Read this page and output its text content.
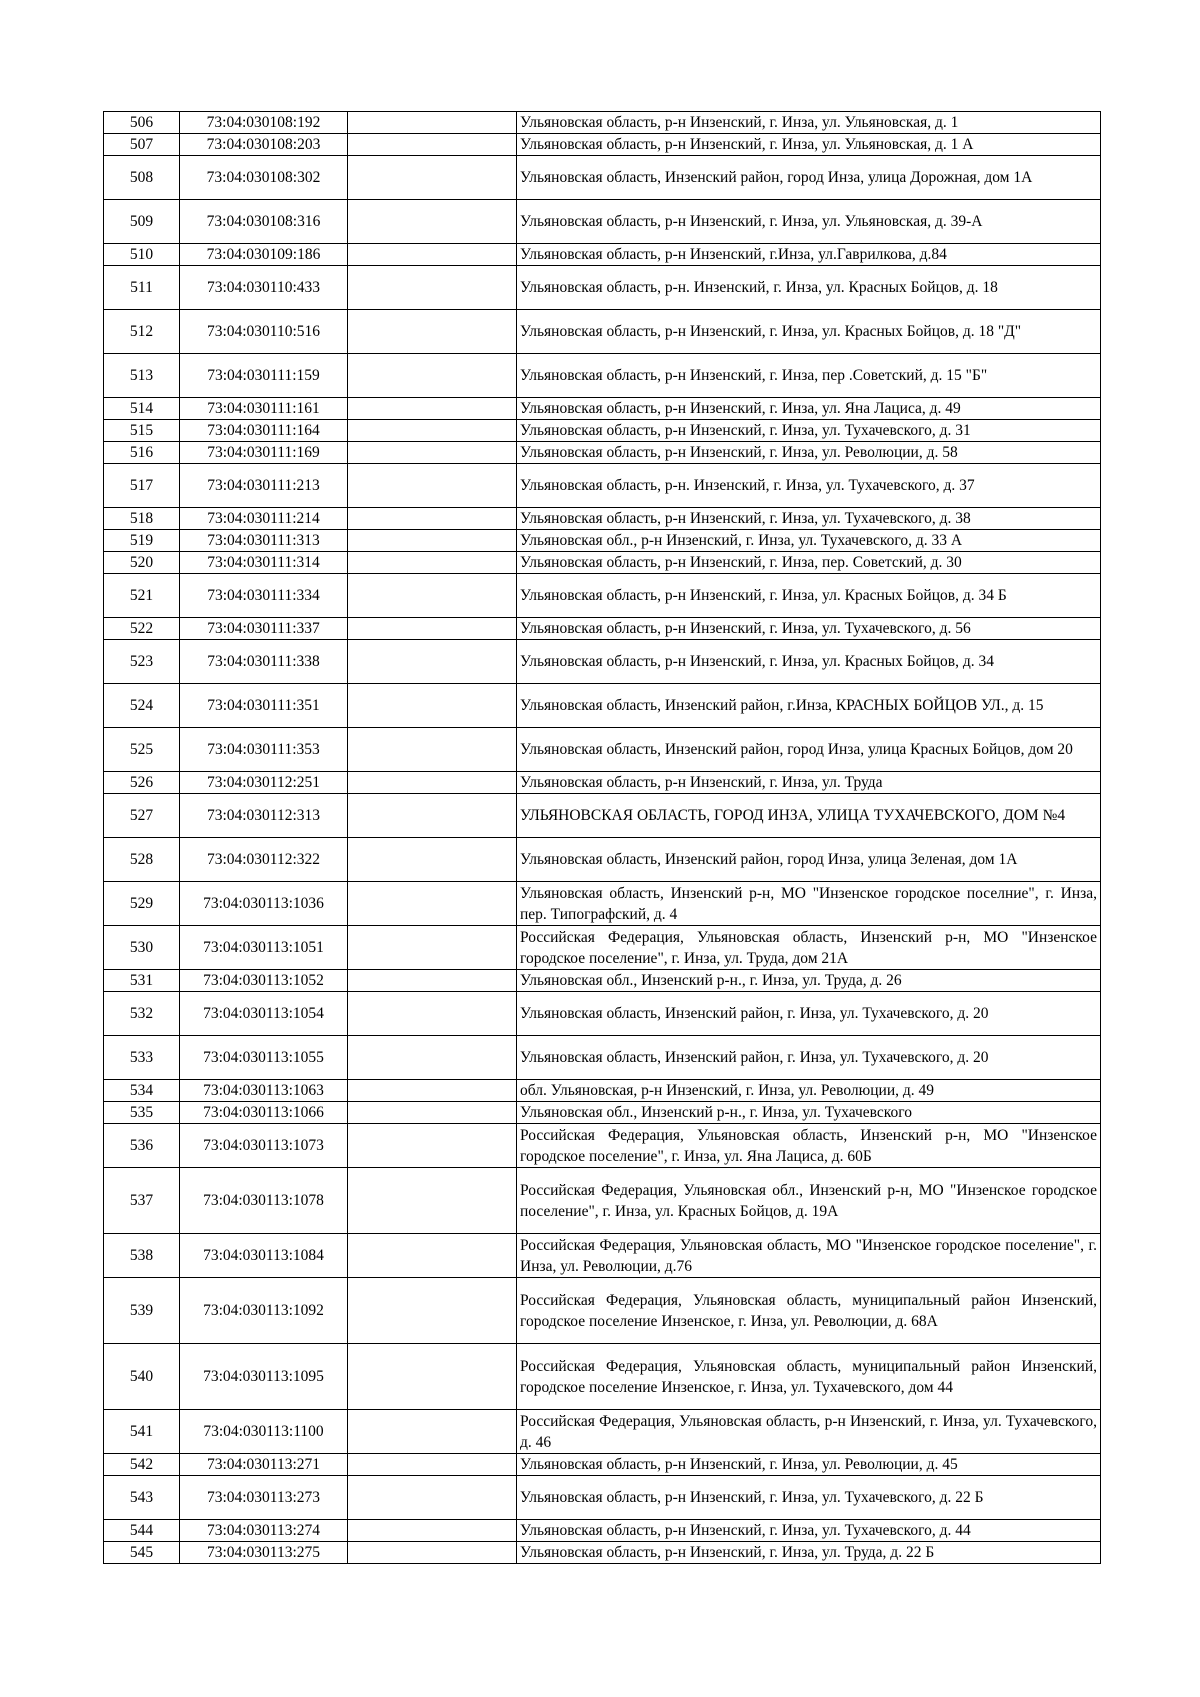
506	73:04:030108:192		Ульяновская область, р-н Инзенский, г. Инза, ул. Ульяновская, д. 1
507	73:04:030108:203		Ульяновская область, р-н Инзенский, г. Инза, ул. Ульяновская, д. 1 А
508	73:04:030108:302		Ульяновская область, Инзенский район, город Инза, улица Дорожная, дом 1А
509	73:04:030108:316		Ульяновская область, р-н Инзенский, г. Инза, ул. Ульяновская, д. 39-А
510	73:04:030109:186		Ульяновская область, р-н Инзенский, г.Инза, ул.Гаврилкова, д.84
511	73:04:030110:433		Ульяновская область, р-н. Инзенский, г. Инза, ул. Красных Бойцов, д. 18
512	73:04:030110:516		Ульяновская область, р-н Инзенский, г. Инза, ул. Красных Бойцов, д. 18 "Д"
513	73:04:030111:159		Ульяновская область, р-н Инзенский, г. Инза, пер .Советский, д. 15 "Б"
514	73:04:030111:161		Ульяновская область, р-н Инзенский, г. Инза, ул. Яна Лациса, д. 49
515	73:04:030111:164		Ульяновская область, р-н Инзенский, г. Инза, ул. Тухачевского, д. 31
516	73:04:030111:169		Ульяновская область, р-н Инзенский, г. Инза, ул. Революции, д. 58
517	73:04:030111:213		Ульяновская область, р-н. Инзенский, г. Инза, ул. Тухачевского, д. 37
518	73:04:030111:214		Ульяновская область, р-н Инзенский, г. Инза, ул. Тухачевского, д. 38
519	73:04:030111:313		Ульяновская обл., р-н Инзенский, г. Инза, ул. Тухачевского, д. 33 А
520	73:04:030111:314		Ульяновская область, р-н Инзенский, г. Инза, пер. Советский, д. 30
521	73:04:030111:334		Ульяновская область, р-н Инзенский, г. Инза, ул. Красных Бойцов, д. 34 Б
522	73:04:030111:337		Ульяновская область, р-н Инзенский, г. Инза, ул. Тухачевского, д. 56
523	73:04:030111:338		Ульяновская область, р-н Инзенский, г. Инза, ул. Красных Бойцов, д. 34
524	73:04:030111:351		Ульяновская область, Инзенский район, г.Инза, КРАСНЫХ БОЙЦОВ УЛ., д. 15
525	73:04:030111:353		Ульяновская область, Инзенский район, город Инза, улица Красных Бойцов, дом 20
526	73:04:030112:251		Ульяновская область, р-н Инзенский, г. Инза, ул. Труда
527	73:04:030112:313		УЛЬЯНОВСКАЯ ОБЛАСТЬ, ГОРОД ИНЗА, УЛИЦА ТУХАЧЕВСКОГО, ДОМ №4
528	73:04:030112:322		Ульяновская область, Инзенский район, город Инза, улица Зеленая, дом 1А
529	73:04:030113:1036		Ульяновская область, Инзенский р-н, МО "Инзенское городское поселние", г. Инза, пер. Типографский, д. 4
530	73:04:030113:1051		Российская Федерация, Ульяновская область, Инзенский р-н, МО "Инзенское городское поселение", г. Инза, ул. Труда, дом 21А
531	73:04:030113:1052		Ульяновская обл., Инзенский р-н., г. Инза, ул. Труда, д. 26
532	73:04:030113:1054		Ульяновская область, Инзенский район, г. Инза, ул. Тухачевского, д. 20
533	73:04:030113:1055		Ульяновская область, Инзенский район, г. Инза, ул. Тухачевского, д. 20
534	73:04:030113:1063		обл. Ульяновская, р-н Инзенский, г. Инза, ул. Революции, д. 49
535	73:04:030113:1066		Ульяновская обл., Инзенский р-н., г. Инза, ул. Тухачевского
536	73:04:030113:1073		Российская Федерация, Ульяновская область, Инзенский р-н, МО "Инзенское городское поселение", г. Инза, ул. Яна Лациса, д. 60Б
537	73:04:030113:1078		Российская Федерация, Ульяновская обл., Инзенский р-н, МО "Инзенское городское поселение", г. Инза, ул. Красных Бойцов, д. 19А
538	73:04:030113:1084		Российская Федерация, Ульяновская область, МО "Инзенское городское поселение", г. Инза, ул. Революции, д.76
539	73:04:030113:1092		Российская Федерация, Ульяновская область, муниципальный район Инзенский, городское поселение Инзенское, г. Инза, ул. Революции, д. 68А
540	73:04:030113:1095		Российская Федерация, Ульяновская область, муниципальный район Инзенский, городское поселение Инзенское, г. Инза, ул. Тухачевского, дом 44
541	73:04:030113:1100		Российская Федерация, Ульяновская область, р-н Инзенский, г. Инза, ул. Тухачевского, д. 46
542	73:04:030113:271		Ульяновская область, р-н Инзенский, г. Инза, ул. Революции, д. 45
543	73:04:030113:273		Ульяновская область, р-н Инзенский, г. Инза, ул. Тухачевского, д. 22 Б
544	73:04:030113:274		Ульяновская область, р-н Инзенский, г. Инза, ул. Тухачевского, д. 44
545	73:04:030113:275		Ульяновская область, р-н Инзенский, г. Инза, ул. Труда, д. 22 Б
